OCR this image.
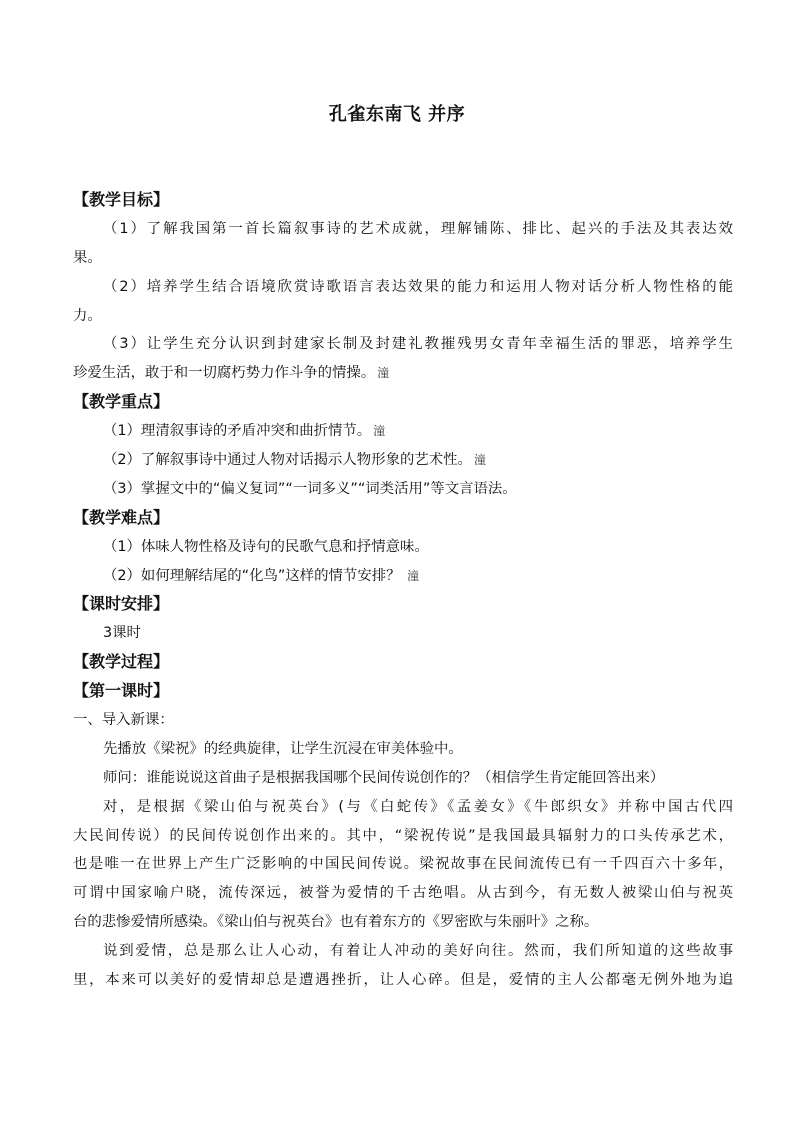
孔雀东南飞 并序
【教学目标】
（1）了解我国第一首长篇叙事诗的艺术成就，理解铺陈、排比、起兴的手法及其表达效
果。
（2）培养学生结合语境欣赏诗歌语言表达效果的能力和运用人物对话分析人物性格的能
力。
（3）让学生充分认识到封建家长制及封建礼教摧残男女青年幸福生活的罪恶，培养学生
珍爱生活，敢于和一切腐朽势力作斗争的情操。 潼
【教学重点】
（1）理清叙事诗的矛盾冲突和曲折情节。 潼
（2）了解叙事诗中通过人物对话揭示人物形象的艺术性。 潼
（3）掌握文中的“偏义复词”“一词多义”“词类活用”等文言语法。
【教学难点】
（1）体味人物性格及诗句的民歌气息和抒情意味。
（2）如何理解结尾的“化鸟”这样的情节安排？ 潼
【课时安排】
3课时
【教学过程】
【第一课时】
一、导入新课：
先播放《梁祝》的经典旋律，让学生沉浸在审美体验中。
师问：谁能说说这首曲子是根据我国哪个民间传说创作的？（相信学生肯定能回答出来）
对，是根据《梁山伯与祝英台》(与《白蛇传》《孟姜女》《牛郎织女》并称中国古代四
大民间传说）的民间传说创作出来的。其中，“梁祝传说”是我国最具辐射力的口头传承艺术，
也是唯一在世界上产生广泛影响的中国民间传说。梁祝故事在民间流传已有一千四百六十多年，
可谓中国家喻户晓，流传深远，被誉为爱情的千古绝唱。从古到今，有无数人被梁山伯与祝英
台的悲惨爱情所感染。《梁山伯与祝英台》也有着东方的《罗密欧与朱丽叶》之称。
说到爱情，总是那么让人心动，有着让人冲动的美好向往。然而，我们所知道的这些故事
里，本来可以美好的爱情却总是遭遇挫折，让人心碎。但是，爱情的主人公都毫无例外地为追
